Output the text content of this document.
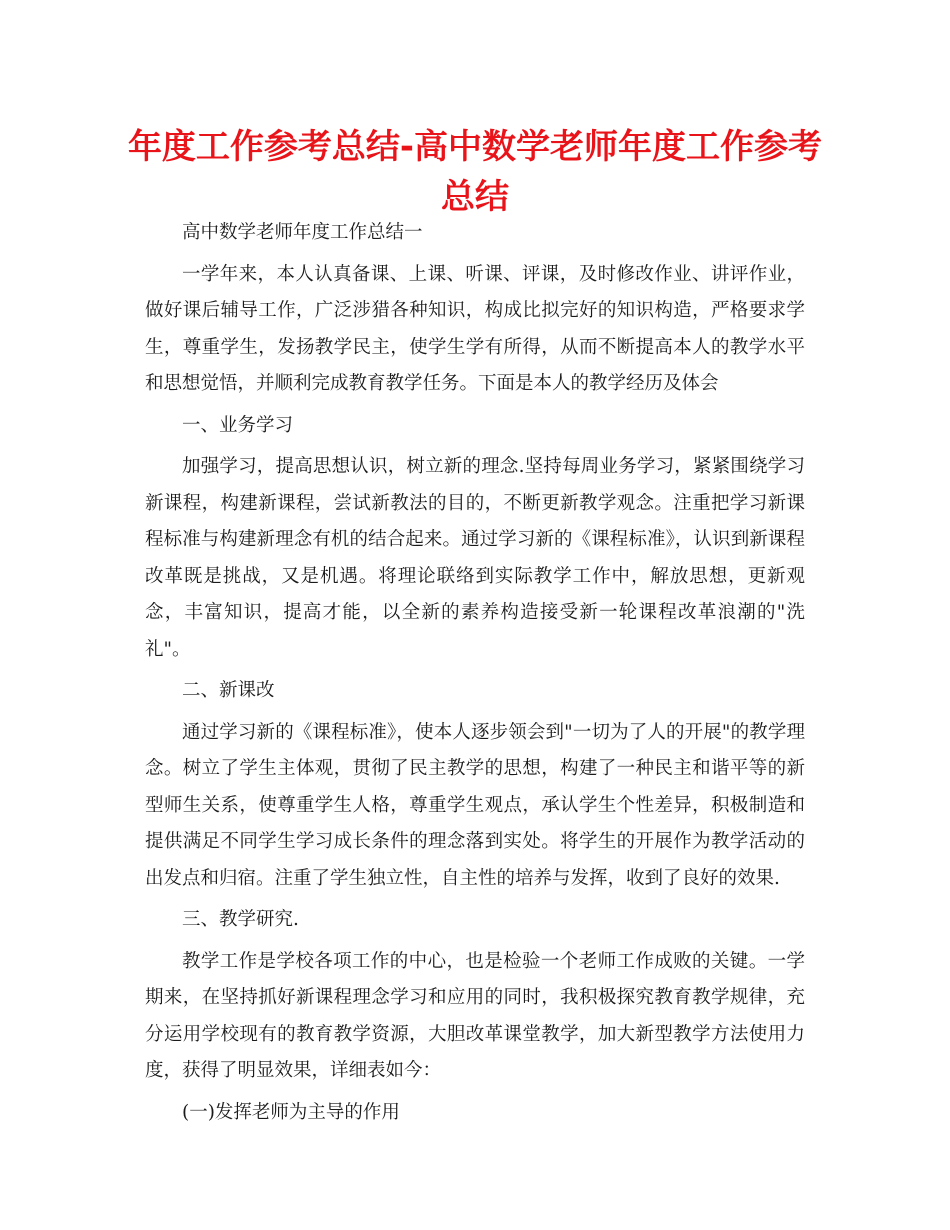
年度工作参考总结-高中数学老师年度工作参考总结

高中数学老师年度工作总结一

一学年来，本人认真备课、上课、听课、评课，及时修改作业、讲评作业，做好课后辅导工作，广泛涉猎各种知识，构成比拟完好的知识构造，严格要求学生，尊重学生，发扬教学民主，使学生学有所得，从而不断提高本人的教学水平和思想觉悟，并顺利完成教育教学任务。下面是本人的教学经历及体会

一、业务学习

加强学习，提高思想认识，树立新的理念.坚持每周业务学习，紧紧围绕学习新课程，构建新课程，尝试新教法的目的，不断更新教学观念。注重把学习新课程标准与构建新理念有机的结合起来。通过学习新的《课程标准》，认识到新课程改革既是挑战，又是机遇。将理论联络到实际教学工作中，解放思想，更新观念，丰富知识，提高才能，以全新的素养构造接受新一轮课程改革浪潮的"洗礼"。

二、新课改

通过学习新的《课程标准》，使本人逐步领会到"一切为了人的开展"的教学理念。树立了学生主体观，贯彻了民主教学的思想，构建了一种民主和谐平等的新型师生关系，使尊重学生人格，尊重学生观点，承认学生个性差异，积极制造和提供满足不同学生学习成长条件的理念落到实处。将学生的开展作为教学活动的出发点和归宿。注重了学生独立性，自主性的培养与发挥，收到了良好的效果.

三、教学研究.

教学工作是学校各项工作的中心，也是检验一个老师工作成败的关键。一学期来，在坚持抓好新课程理念学习和应用的同时，我积极探究教育教学规律，充分运用学校现有的教育教学资源，大胆改革课堂教学，加大新型教学方法使用力度，获得了明显效果，详细表如今：

(一)发挥老师为主导的作用
